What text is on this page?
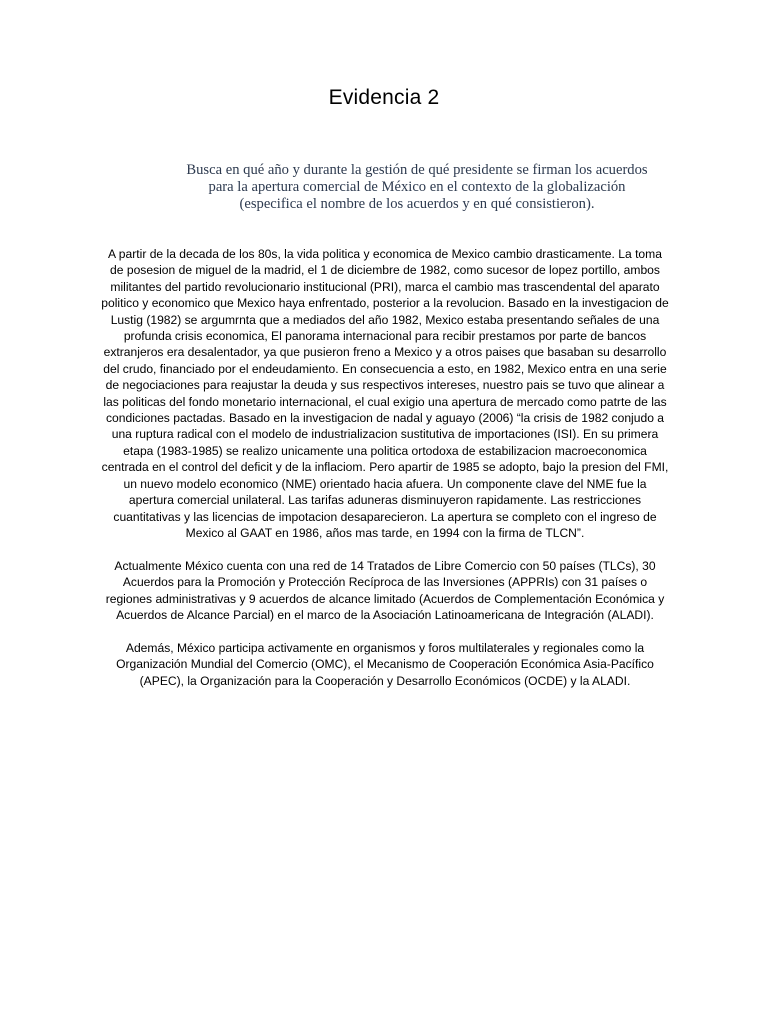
Evidencia 2
Busca en qué año y durante la gestión de qué presidente se firman los acuerdos para la apertura comercial de México en el contexto de la globalización (especifica el nombre de los acuerdos y en qué consistieron).

A partir de la decada de los 80s, la vida politica y economica de Mexico cambio drasticamente. La toma de posesion de miguel de la madrid, el 1 de diciembre de 1982, como sucesor de lopez portillo, ambos militantes del partido revolucionario institucional (PRI), marca el cambio mas trascendental del aparato politico y economico que Mexico haya enfrentado, posterior a la revolucion. Basado en la investigacion de Lustig (1982) se argumrnta que a mediados del año 1982, Mexico estaba presentando señales de una profunda crisis economica, El panorama internacional para recibir prestamos por parte de bancos extranjeros era desalentador, ya que pusieron freno a Mexico y a otros paises que basaban su desarrollo del crudo, financiado por el endeudamiento. En consecuencia a esto, en 1982, Mexico entra en una serie de negociaciones para reajustar la deuda y sus respectivos intereses, nuestro pais se tuvo que alinear a las politicas del fondo monetario internacional, el cual exigio una apertura de mercado como patrte de las condiciones pactadas. Basado en la investigacion de nadal y aguayo (2006) “la crisis de 1982 conjudo a una ruptura radical con el modelo de industrializacion sustitutiva de importaciones (ISI). En su primera etapa (1983-1985) se realizo unicamente una politica ortodoxa de estabilizacion macroeconomica centrada en el control del deficit y de la inflaciom. Pero apartir de 1985 se adopto, bajo la presion del FMI, un nuevo modelo economico (NME) orientado hacia afuera. Un componente clave del NME fue la apertura comercial unilateral. Las tarifas aduneras disminuyeron rapidamente. Las restricciones cuantitativas y las licencias de impotacion desaparecieron. La apertura se completo con el ingreso de Mexico al GAAT en 1986, años mas tarde, en 1994 con la firma de TLCN”.

Actualmente México cuenta con una red de 14 Tratados de Libre Comercio con 50 países (TLCs), 30 Acuerdos para la Promoción y Protección Recíproca de las Inversiones (APPRIs) con 31 países o regiones administrativas y 9 acuerdos de alcance limitado (Acuerdos de Complementación Económica y Acuerdos de Alcance Parcial) en el marco de la Asociación Latinoamericana de Integración (ALADI).

Además, México participa activamente en organismos y foros multilaterales y regionales como la Organización Mundial del Comercio (OMC), el Mecanismo de Cooperación Económica Asia-Pacífico (APEC), la Organización para la Cooperación y Desarrollo Económicos (OCDE) y la ALADI.
